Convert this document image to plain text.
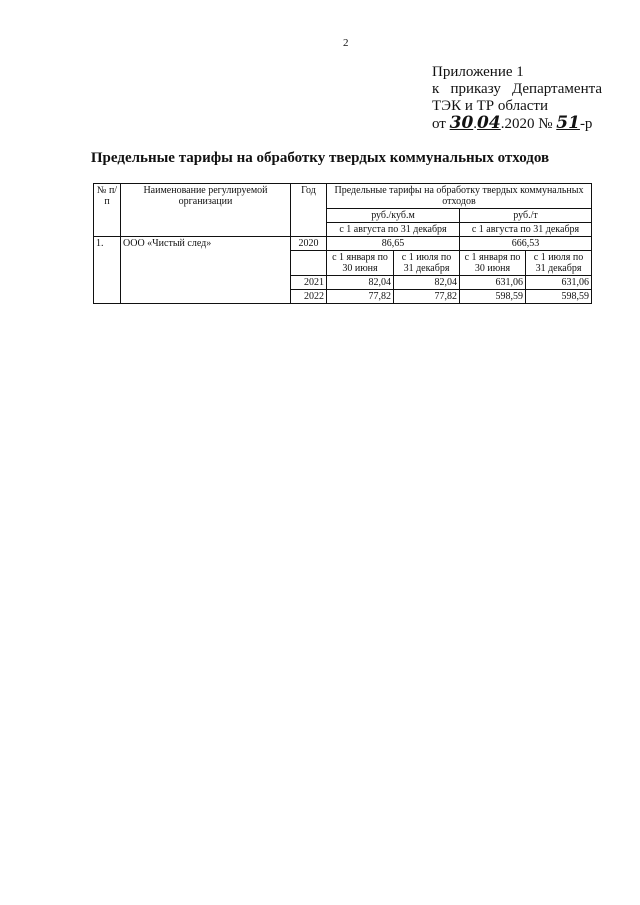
2
Приложение 1
к приказу Департамента
ТЭК и ТР области
от 30.04.2020 № 51-р
Предельные тарифы на обработку твердых коммунальных отходов
№ п/п	Наименование регулируемой организации	Год	Предельные тарифы на обработку твердых коммунальных отходов			
			руб./куб.м		руб./т	
			с 1 августа по 31 декабря		с 1 августа по 31 декабря	
1.	ООО «Чистый след»	2020	86,65		666,53	
			с 1 января по 30 июня	с 1 июля по 31 декабря	с 1 января по 30 июня	с 1 июля по 31 декабря
		2021	82,04	82,04	631,06	631,06
		2022	77,82	77,82	598,59	598,59
